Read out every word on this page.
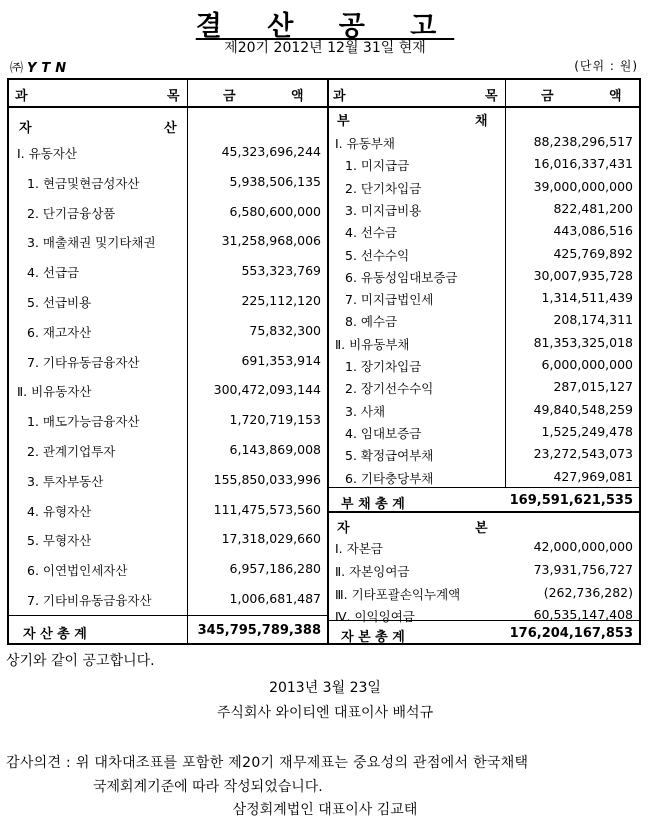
결 산 공 고
제20기 2012년 12월 31일 현재
㈜ YTN	(단위 : 원)
과	목	금	액
자	산
Ⅰ. 유동자산	45,323,696,244
1. 현금및현금성자산	5,938,506,135
2. 단기금융상품	6,580,600,000
3. 매출채권 및기타채권	31,258,968,006
4. 선급금	553,323,769
5. 선급비용	225,112,120
6. 재고자산	75,832,300
7. 기타유동금융자산	691,353,914
Ⅱ. 비유동자산	300,472,093,144
1. 매도가능금융자산	1,720,719,153
2. 관계기업투자	6,143,869,008
3. 투자부동산	155,850,033,996
4. 유형자산	111,475,573,560
5. 무형자산	17,318,029,660
6. 이연법인세자산	6,957,186,280
7. 기타비유동금융자산	1,006,681,487
자 산 총 계	345,795,789,388
과	목	금	액
부	채
Ⅰ. 유동부채	88,238,296,517
1. 미지급금	16,016,337,431
2. 단기차입금	39,000,000,000
3. 미지급비용	822,481,200
4. 선수금	443,086,516
5. 선수수익	425,769,892
6. 유동성임대보증금	30,007,935,728
7. 미지급법인세	1,314,511,439
8. 예수금	208,174,311
Ⅱ. 비유동부채	81,353,325,018
1. 장기차입금	6,000,000,000
2. 장기선수수익	287,015,127
3. 사채	49,840,548,259
4. 임대보증금	1,525,249,478
5. 확정급여부채	23,272,543,073
6. 기타충당부채	427,969,081
부 채 총 계	169,591,621,535
자	본
Ⅰ. 자본금	42,000,000,000
Ⅱ. 자본잉여금	73,931,756,727
Ⅲ. 기타포괄손익누계액	(262,736,282)
Ⅳ. 이익잉여금	60,535,147,408
자 본 총 계	176,204,167,853
상기와 같이 공고합니다.
2013년 3월 23일
주식회사 와이티엔 대표이사 배석규
감사의견 : 위 대차대조표를 포함한 제20기 재무제표는 중요성의 관점에서 한국채택
국제회계기준에 따라 작성되었습니다.
삼정회계법인 대표이사 김교태
